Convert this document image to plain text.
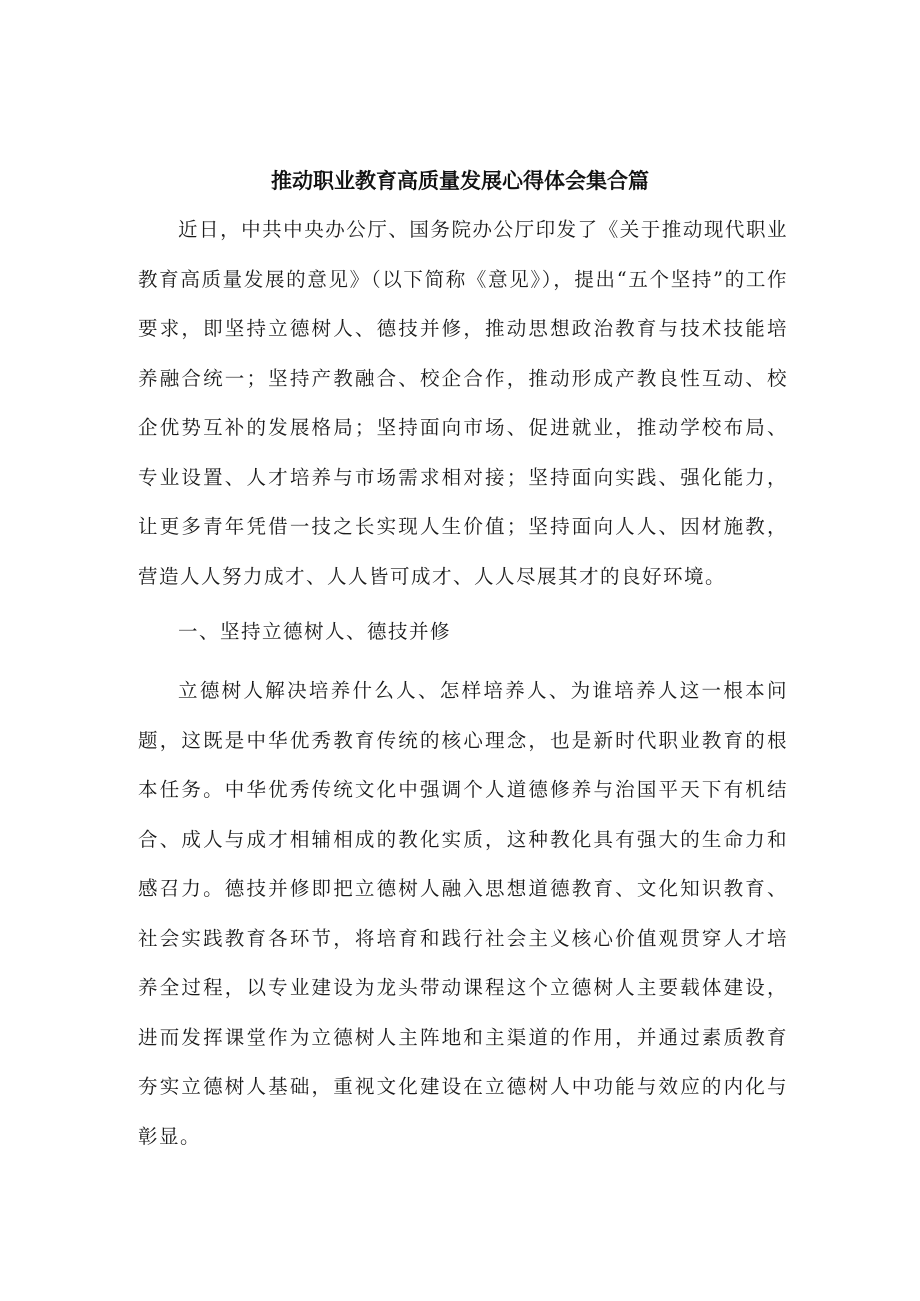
推动职业教育高质量发展心得体会集合篇

近日，中共中央办公厅、国务院办公厅印发了《关于推动现代职业教育高质量发展的意见》（以下简称《意见》），提出“五个坚持”的工作要求，即坚持立德树人、德技并修，推动思想政治教育与技术技能培养融合统一；坚持产教融合、校企合作，推动形成产教良性互动、校企优势互补的发展格局；坚持面向市场、促进就业，推动学校布局、专业设置、人才培养与市场需求相对接；坚持面向实践、强化能力，让更多青年凭借一技之长实现人生价值；坚持面向人人、因材施教，营造人人努力成才、人人皆可成才、人人尽展其才的良好环境。

一、坚持立德树人、德技并修

立德树人解决培养什么人、怎样培养人、为谁培养人这一根本问题，这既是中华优秀教育传统的核心理念，也是新时代职业教育的根本任务。中华优秀传统文化中强调个人道德修养与治国平天下有机结合、成人与成才相辅相成的教化实质，这种教化具有强大的生命力和感召力。德技并修即把立德树人融入思想道德教育、文化知识教育、社会实践教育各环节，将培育和践行社会主义核心价值观贯穿人才培养全过程，以专业建设为龙头带动课程这个立德树人主要载体建设，进而发挥课堂作为立德树人主阵地和主渠道的作用，并通过素质教育夯实立德树人基础，重视文化建设在立德树人中功能与效应的内化与彰显。
